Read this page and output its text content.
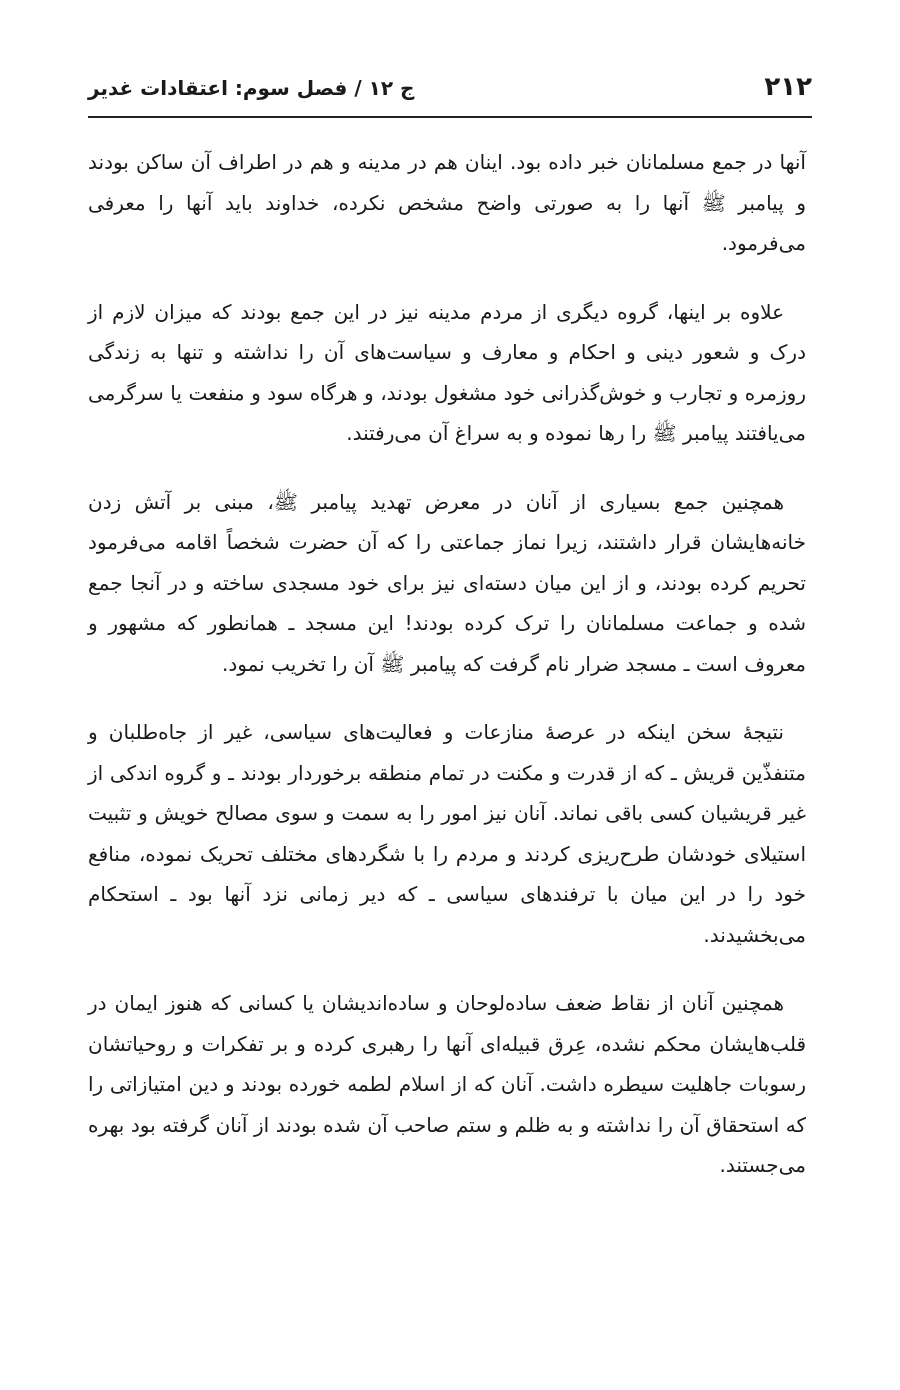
۲۱۲
ج ۱۲ / فصل سوم: اعتقادات غدیر

آنها در جمع مسلمانان خبر داده بود. اینان هم در مدینه و هم در اطراف آن ساکن بودند و پیامبر ﷺ آنها را به صورتی واضح مشخص نکرده، خداوند باید آنها را معرفی می‌فرمود.

علاوه بر اینها، گروه دیگری از مردم مدینه نیز در این جمع بودند که میزان لازم از درک و شعور دینی و احکام و معارف و سیاست‌های آن را نداشته و تنها به زندگی روزمره و تجارب و خوش‌گذرانی خود مشغول بودند، و هرگاه سود و منفعت یا سرگرمی می‌یافتند پیامبر ﷺ را رها نموده و به سراغ آن می‌رفتند.

همچنین جمع بسیاری از آنان در معرض تهدید پیامبر ﷺ، مبنی بر آتش زدن خانه‌هایشان قرار داشتند، زیرا نماز جماعتی را که آن حضرت شخصاً اقامه می‌فرمود تحریم کرده بودند، و از این میان دسته‌ای نیز برای خود مسجدی ساخته و در آنجا جمع شده و جماعت مسلمانان را ترک کرده بودند! این مسجد ـ همانطور که مشهور و معروف است ـ مسجد ضرار نام گرفت که پیامبر ﷺ آن را تخریب نمود.

نتیجهٔ سخن اینکه در عرصهٔ منازعات و فعالیت‌های سیاسی، غیر از جاه‌طلبان و متنفذّین قریش ـ که از قدرت و مکنت در تمام منطقه برخوردار بودند ـ و گروه اندکی از غیر قریشیان کسی باقی نماند. آنان نیز امور را به سمت و سوی مصالح خویش و تثبیت استیلای خودشان طرح‌ریزی کردند و مردم را با شگردهای مختلف تحریک نموده، منافع خود را در این میان با ترفندهای سیاسی ـ که دیر زمانی نزد آنها بود ـ استحکام می‌بخشیدند.

همچنین آنان از نقاط ضعف ساده‌لوحان و ساده‌اندیشان یا کسانی که هنوز ایمان در قلب‌هایشان محکم نشده، عِرق قبیله‌ای آنها را رهبری کرده و بر تفکرات و روحیاتشان رسوبات جاهلیت سیطره داشت. آنان که از اسلام لطمه خورده بودند و دین امتیازاتی را که استحقاق آن را نداشته و به ظلم و ستم صاحب آن شده بودند از آنان گرفته بود بهره می‌جستند.
